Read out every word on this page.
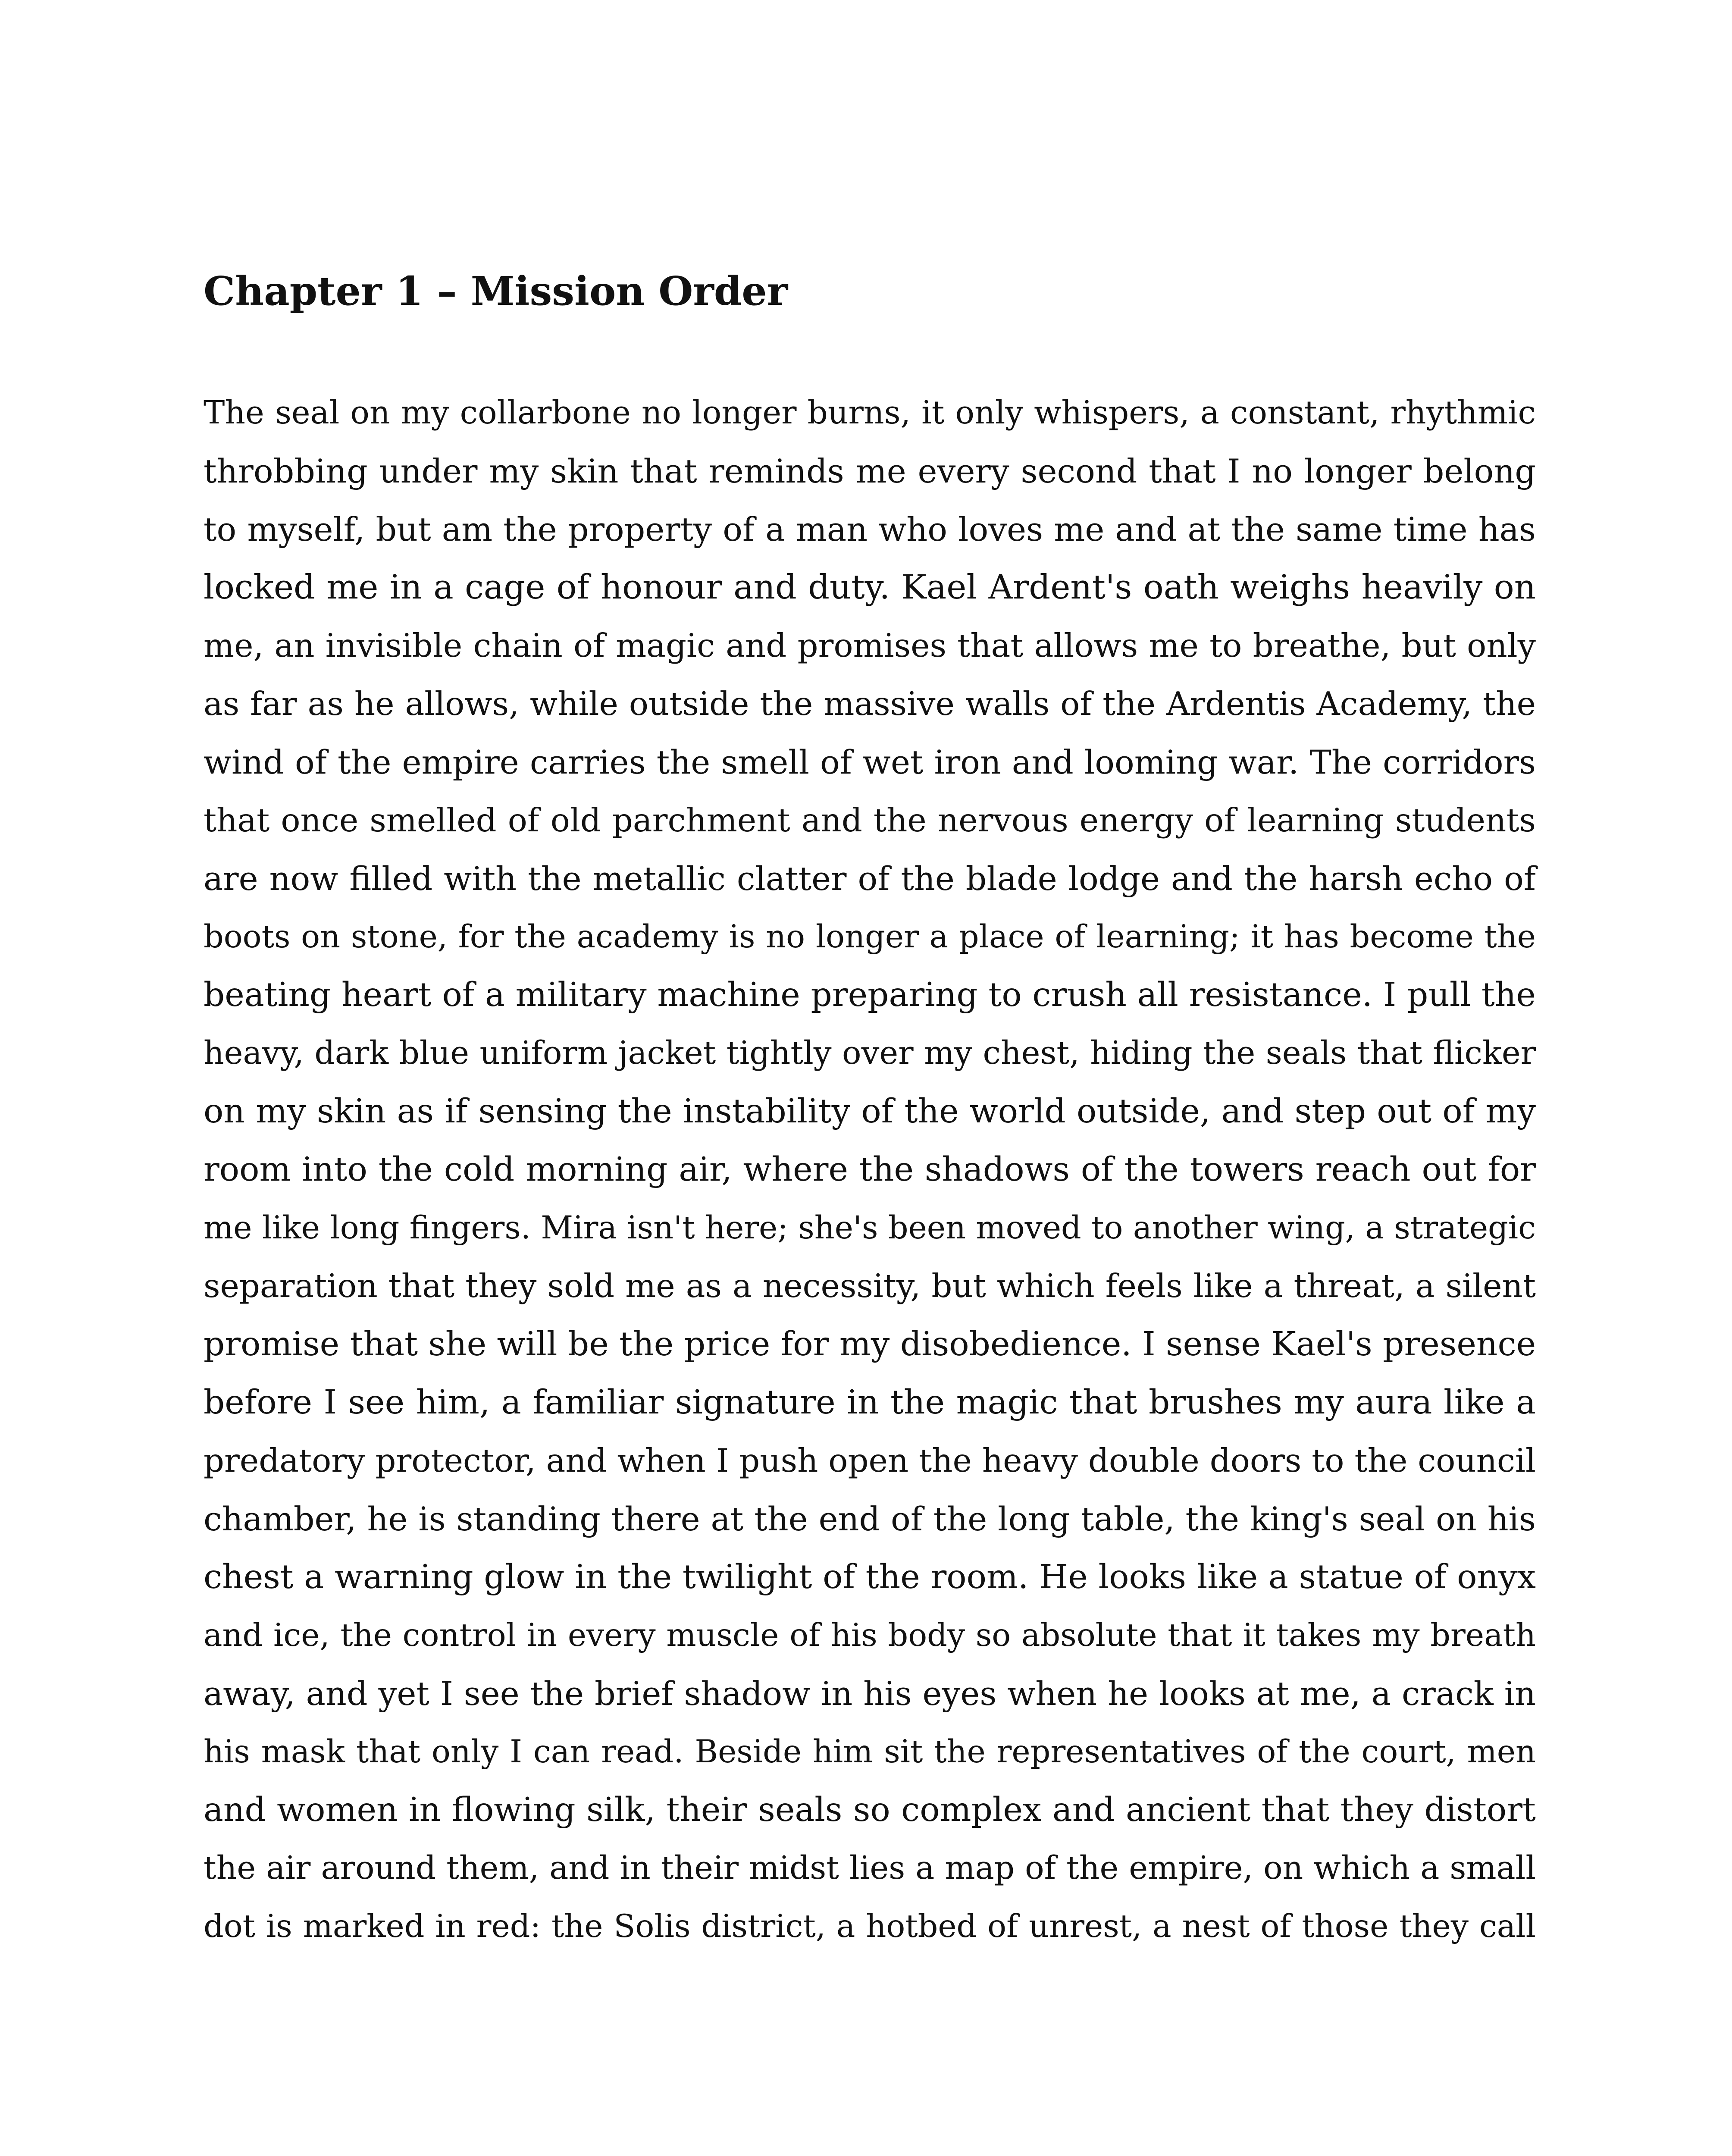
Chapter 1 – Mission Order
The seal on my collarbone no longer burns, it only whispers, a constant, rhythmic
throbbing under my skin that reminds me every second that I no longer belong
to myself, but am the property of a man who loves me and at the same time has
locked me in a cage of honour and duty. Kael Ardent's oath weighs heavily on
me, an invisible chain of magic and promises that allows me to breathe, but only
as far as he allows, while outside the massive walls of the Ardentis Academy, the
wind of the empire carries the smell of wet iron and looming war. The corridors
that once smelled of old parchment and the nervous energy of learning students
are now filled with the metallic clatter of the blade lodge and the harsh echo of
boots on stone, for the academy is no longer a place of learning; it has become the
beating heart of a military machine preparing to crush all resistance. I pull the
heavy, dark blue uniform jacket tightly over my chest, hiding the seals that flicker
on my skin as if sensing the instability of the world outside, and step out of my
room into the cold morning air, where the shadows of the towers reach out for
me like long fingers. Mira isn't here; she's been moved to another wing, a strategic
separation that they sold me as a necessity, but which feels like a threat, a silent
promise that she will be the price for my disobedience. I sense Kael's presence
before I see him, a familiar signature in the magic that brushes my aura like a
predatory protector, and when I push open the heavy double doors to the council
chamber, he is standing there at the end of the long table, the king's seal on his
chest a warning glow in the twilight of the room. He looks like a statue of onyx
and ice, the control in every muscle of his body so absolute that it takes my breath
away, and yet I see the brief shadow in his eyes when he looks at me, a crack in
his mask that only I can read. Beside him sit the representatives of the court, men
and women in flowing silk, their seals so complex and ancient that they distort
the air around them, and in their midst lies a map of the empire, on which a small
dot is marked in red: the Solis district, a hotbed of unrest, a nest of those they call
